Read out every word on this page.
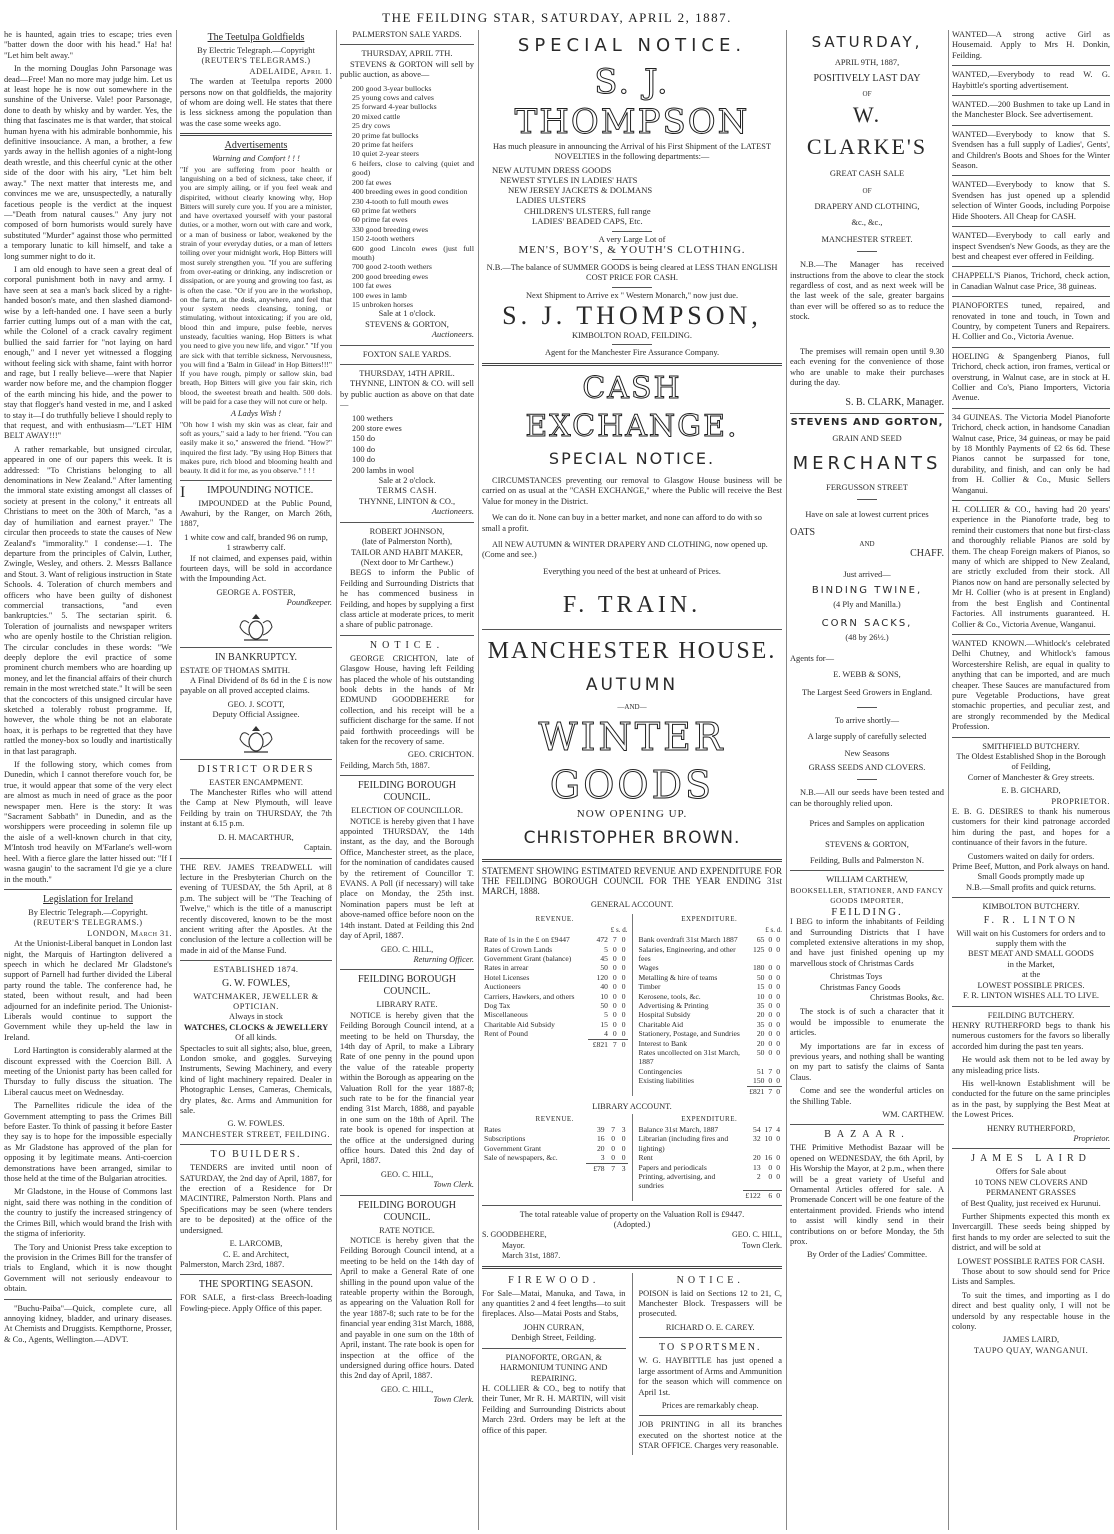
THE FEILDING STAR, SATURDAY, APRIL 2, 1887.

he is haunted, again tries to escape; tries even "batter down the door with his head." Ha! ha! "Let him belt away."

In the morning Douglas John Parsonage was dead—Free! Man no more may judge him. Let us at least hope he is now out somewhere in the sunshine of the Universe. Vale! poor Parsonage, done to death by whisky and by warder. Yes, the thing that fascinates me is that warder, that stoical human hyena with his admirable bonhommie, his definitive insouciance. A man, a brother, a few yards away in the hellish agonies of a night-long death wrestle, and this cheerful cynic at the other side of the door with his airy, "Let him belt away." The next matter that interests me, and convinces me we are, unsuspectedly, a naturally facetious people is the verdict at the inquest—"Death from natural causes." Any jury not composed of born humorists would surely have substituted "Murder" against those who permitted a temporary lunatic to kill himself, and take a long summer night to do it.

I am old enough to have seen a great deal of corporal punishment both in navy and army. I have seen at sea a man's back sliced by a right-handed boson's mate, and then slashed diamond-wise by a left-handed one. I have seen a burly farrier cutting lumps out of a man with the cat, while the Colonel of a crack cavalry regiment bullied the said farrier for "not laying on hard enough," and I never yet witnessed a flogging without feeling sick with shame, faint with horror and rage, but I really believe—were that Napier warder now before me, and the champion flogger of the earth mincing his hide, and the power to stay that flogger's hand vested in me, and I asked to stay it—I do truthfully believe I should reply to that request, and with enthusiasm—"LET HIM BELT AWAY!!!"

A rather remarkable, but unsigned circular, appeared in one of our papers this week. It is addressed: "To Christians belonging to all denominations in New Zealand." After lamenting the immoral state existing amongst all classes of society at present in the colony," it entreats all Christians to meet on the 30th of March, "as a day of humiliation and earnest prayer." The circular then proceeds to state the causes of New Zealand's "immorality." I condense:—1. The departure from the principles of Calvin, Luther, Zwingle, Wesley, and others. 2. Messrs Ballance and Stout. 3. Want of religious instruction in State Schools. 4. Toleration of church members and officers who have been guilty of dishonest commercial transactions, "and even bankruptcies." 5. The sectarian spirit. 6. Toleration of journalists and newspaper writers who are openly hostile to the Christian religion. The circular concludes in these words: "We deeply deplore the evil practice of some prominent church members who are hoarding up money, and let the financial affairs of their church remain in the most wretched state." It will be seen that the concocters of this unsigned circular have sketched a tolerably robust programme. If, however, the whole thing be not an elaborate hoax, it is perhaps to be regretted that they have rattled the money-box so loudly and inartistically in that last paragraph.

If the following story, which comes from Dunedin, which I cannot therefore vouch for, be true, it would appear that some of the very elect are almost as much in need of grace as the poor newspaper men. Here is the story: It was "Sacrament Sabbath" in Dunedin, and as the worshippers were proceeding in solemn file up the aisle of a well-known church in that city, M'Intosh trod heavily on M'Farlane's well-worn heel. With a fierce glare the latter hissed out: "If I wasna gaugin' to the sacrament I'd gie ye a clure in the mouth."

Legislation for Ireland
By Electric Telegraph.—Copyright.
(REUTER'S TELEGRAMS.)
LONDON, March 31.

At the Unionist-Liberal banquet in London last night, the Marquis of Hartington delivered a speech in which he declared Mr Gladstone's support of Parnell had further divided the Liberal party round the table. The conference had, he stated, been without result, and had been adjourned for an indefinite period. The Unionist-Liberals would continue to support the Government while they up-held the law in Ireland.

Lord Hartington is considerably alarmed at the discount expressed with the Coercion Bill. A meeting of the Unionist party has been called for Thursday to fully discuss the situation. The Liberal caucus meet on Wednesday.

The Parnellites ridicule the idea of the Government attempting to pass the Crimes Bill before Easter. To think of passing it before Easter they say is to hope for the impossible especially as Mr Gladstone has approved of the plan for opposing it by legitimate means. Anti-coercion demonstrations have been arranged, similar to those held at the time of the Bulgarian atrocities.

Mr Gladstone, in the House of Commons last night, said there was nothing in the condition of the country to justify the increased stringency of the Crimes Bill, which would brand the Irish with the stigma of inferiority.

The Tory and Unionist Press take exception to the provision in the Crimes Bill for the transfer of trials to England, which it is now thought Government will not seriously endeavour to obtain.

"Buchu-Paiba"—Quick, complete cure, all annoying kidney, bladder, and urinary diseases. At Chemists and Druggists. Kempthorne, Prosser, & Co., Agents, Wellington.—ADVT.

The Teetulpa Goldfields
By Electric Telegraph.—Copyright
(REUTER'S TELEGRAMS.)
ADELAIDE, April 1.

The warden at Teetulpa reports 2000 persons now on that goldfields, the majority of whom are doing well. He states that there is less sickness among the population than was the case some weeks ago.

Advertisements
Warning and Comfort ! ! !

"If you are suffering from poor health or languishing on a bed of sickness, take cheer, if you are simply ailing, or if you feel weak and dispirited, without clearly knowing why, Hop Bitters will surely cure you. If you are a minister, and have overtaxed yourself with your pastoral duties, or a mother, worn out with care and work, or a man of business or labor, weakened by the strain of your everyday duties, or a man of letters toiling over your midnight work, Hop Bitters will most surely strengthen you. "If you are suffering from over-eating or drinking, any indiscretion or dissipation, or are young and growing too fast, as is often the case. "Or if you are in the workshop, on the farm, at the desk, anywhere, and feel that your system needs cleansing, toning, or stimulating, without intoxicating; if you are old, blood thin and impure, pulse feeble, nerves unsteady, faculties waning, Hop Bitters is what you need to give you new life, and vigor." "If you are sick with that terrible sickness, Nervousness, you will find a 'Balm in Gilead' in Hop Bitters!!!" If you have rough, pimply or sallow skin, bad breath, Hop Bitters will give you fair skin, rich blood, the sweetest breath and health. 500 dols. will be paid for a case they will not cure or help.

A Ladys Wish !

"Oh how I wish my skin was as clear, fair and soft as yours," said a lady to her friend. "You can easily make it so," answered the friend. "How?" inquired the first lady. "By using Hop Bitters that makes pure, rich blood and blooming health and beauty. It did it for me, as you observe." ! ! !

I IMPOUNDING NOTICE.

IMPOUNDED at the Public Pound, Awahuri, by the Ranger, on March 26th, 1887,

1 white cow and calf, branded 96 on rump,
1 strawberry calf.

If not claimed, and expenses paid, within fourteen days, will be sold in accordance with the Impounding Act.

GEORGE A. FOSTER,
Poundkeeper.
IN BANKRUPTCY.
ESTATE OF THOMAS SMITH.

A Final Dividend of 8s 6d in the £ is now payable on all proved accepted claims.

GEO. J. SCOTT,
Deputy Official Assignee.
DISTRICT ORDERS
EASTER ENCAMPMENT.

The Manchester Rifles who will attend the Camp at New Plymouth, will leave Feilding by train on THURSDAY, the 7th instant at 6.15 p.m.

D. H. MACARTHUR,
Captain.

THE REV. JAMES TREADWELL will lecture in the Presbyterian Church on the evening of TUESDAY, the 5th April, at 8 p.m. The subject will be "The Teaching of Twelve," which is the title of a manuscript recently discovered, known to be the most ancient writing after the Apostles. At the conclusion of the lecture a collection will be made in aid of the Manse Fund.

ESTABLISHED 1874.
G. W. FOWLES,
WATCHMAKER, JEWELLER & OPTICIAN.
Always in stock
WATCHES, CLOCKS & JEWELLERY
Of all kinds.

Spectacles to suit all sights; also, blue, green, London smoke, and goggles. Surveying Instruments, Sewing Machinery, and every kind of light machinery repaired. Dealer in Photographic Lenses, Cameras, Chemicals, dry plates, &c. Arms and Ammunition for sale.

G. W. FOWLES.
MANCHESTER STREET, FEILDING.
TO BUILDERS.

TENDERS are invited until noon of SATURDAY, the 2nd day of April, 1887, for the erection of a Residence for Dr MACINTIRE, Palmerston North. Plans and Specifications may be seen (where tenders are to be deposited) at the office of the undersigned.

E. LARCOMB,
C. E. and Architect,
Palmerston, March 23rd, 1887.
THE SPORTING SEASON.

FOR SALE, a first-class Breech-loading Fowling-piece. Apply Office of this paper.

PALMERSTON SALE YARDS.
THURSDAY, APRIL 7TH.

STEVENS & GORTON will sell by public auction, as above—

200 good 3-year bullocks
25 young cows and calves
25 forward 4-year bullocks
20 mixed cattle
25 dry cows
20 prime fat bullocks
20 prime fat heifers
10 quiet 2-year steers
6 heifers, close to calving (quiet and good)
200 fat ewes
400 breeding ewes in good condition
230 4-tooth to full mouth ewes
60 prime fat wethers
60 prime fat ewes
330 good breeding ewes
150 2-tooth wethers
600 good Lincoln ewes (just full mouth)
700 good 2-tooth wethers
200 good breeding ewes
100 fat ewes
100 ewes in lamb
15 unbroken horses
Sale at 1 o'clock.
STEVENS & GORTON,
Auctioneers.
FOXTON SALE YARDS.
THURSDAY, 14TH APRIL.

THYNNE, LINTON & CO. will sell by public auction as above on that date—

100 wethers
200 store ewes
150 do
100 do
100 do
200 lambs in wool
Sale at 2 o'clock.
TERMS CASH.
THYNNE, LINTON & CO.,
Auctioneers.
ROBERT JOHNSON,
(late of Palmerston North),
TAILOR AND HABIT MAKER,
(Next door to Mr Carthew.)

BEGS to inform the Public of Feilding and Surrounding Districts that he has commenced business in Feilding, and hopes by supplying a first class article at moderate prices, to merit a share of public patronage.

NOTICE.

GEORGE CRICHTON, late of Glasgow House, having left Feilding has placed the whole of his outstanding book debts in the hands of Mr EDMUND GOODBEHERE for collection, and his receipt will be a sufficient discharge for the same. If not paid forthwith proceedings will be taken for the recovery of same.

GEO. CRICHTON.
Feilding, March 5th, 1887.
FEILDING BOROUGH COUNCIL.
ELECTION OF COUNCILLOR.

NOTICE is hereby given that I have appointed THURSDAY, the 14th instant, as the day, and the Borough Office, Manchester street, as the place, for the nomination of candidates caused by the retirement of Councillor T. EVANS. A Poll (if necessary) will take place on Monday, the 25th inst. Nomination papers must be left at above-named office before noon on the 14th instant. Dated at Feilding this 2nd day of April, 1887.

GEO. C. HILL,
Returning Officer.
FEILDING BOROUGH COUNCIL.
LIBRARY RATE.

NOTICE is hereby given that the Feilding Borough Council intend, at a meeting to be held on Thursday, the 14th day of April, to make a Library Rate of one penny in the pound upon the value of the rateable property within the Borough as appearing on the Valuation Roll for the year 1887-8; such rate to be for the financial year ending 31st March, 1888, and payable in one sum on the 18th of April. The rate book is opened for inspection at the office at the undersigned during office hours. Dated this 2nd day of April, 1887.

GEO. C. HILL,
Town Clerk.
FEILDING BOROUGH COUNCIL.
RATE NOTICE.

NOTICE is hereby given that the Feilding Borough Council intend, at a meeting to be held on the 14th day of April to make a General Rate of one shilling in the pound upon value of the rateable property within the Borough, as appearing on the Valuation Roll for the year 1887-8; such rate to be for the financial year ending 31st March, 1888, and payable in one sum on the 18th of April, instant. The rate book is open for inspection at the office of the undersigned during office hours. Dated this 2nd day of April, 1887.

GEO. C. HILL,
Town Clerk.
SPECIAL NOTICE.
S. J. THOMPSON
Has much pleasure in announcing the Arrival of his First Shipment of the LATEST NOVELTIES in the following departments:—
NEW AUTUMN DRESS GOODS
NEWEST STYLES IN LADIES' HATS
NEW JERSEY JACKETS & DOLMANS
LADIES ULSTERS
CHILDREN'S ULSTERS, full range
LADIES' BEADED CAPS, Etc.
A very Large Lot of
MEN'S, BOY'S, & YOUTH'S CLOTHING.
N.B.—The balance of SUMMER GOODS is being cleared at LESS THAN ENGLISH COST PRICE FOR CASH.
Next Shipment to Arrive ex " Western Monarch," now just due.
S. J. THOMPSON,
KIMBOLTON ROAD, FEILDING.
Agent for the Manchester Fire Assurance Company.
CASH EXCHANGE.
SPECIAL NOTICE.

CIRCUMSTANCES preventing our removal to Glasgow House business will be carried on as usual at the "CASH EXCHANGE," where the Public will receive the Best Value for money in the District.

We can do it. None can buy in a better market, and none can afford to do with so small a profit.

All NEW AUTUMN & WINTER DRAPERY AND CLOTHING, now opened up. (Come and see.)

Everything you need of the best at unheard of Prices.

F. TRAIN.
MANCHESTER HOUSE.
AUTUMN
—AND—
WINTER GOODS
NOW OPENING UP.
CHRISTOPHER BROWN.
STATEMENT SHOWING ESTIMATED REVENUE AND EXPENDITURE FOR THE FEILDING BOROUGH COUNCIL FOR THE YEAR ENDING 31st MARCH, 1888.
GENERAL ACCOUNT.
REVENUE.
£ s. d.
Rate of 1s in the £ on £9447	472	7	0
Rates of Crown Lands	5	0	0
Government Grant (balance)	45	0	0
Rates in arrear	50	0	0
Hotel Licenses	120	0	0
Auctioneers	40	0	0
Carriers, Hawkers, and others	10	0	0
Dog Tax	50	0	0
Miscellaneous	5	0	0
Charitable Aid Subsidy	15	0	0
Rent of Pound	4	0	0
	£821	7	0
EXPENDITURE.
£ s. d.
Bank overdraft 31st March 1887	65	0	0
Salaries, Engineering, and other fees	125	0	0
Wages	180	0	0
Metalling & hire of teams	50	0	0
Timber	15	0	0
Kerosene, tools, &c.	10	0	0
Advertising & Printing	35	0	0
Hospital Subsidy	20	0	0
Charitable Aid	35	0	0
Stationery, Postage, and Sundries	20	0	0
Interest to Bank	20	0	0
Rates uncollected on 31st March, 1887	50	0	0
Contingencies	51	7	0
Existing liabilities	150	0	0
	£821	7	0
LIBRARY ACCOUNT.
REVENUE.
Rates	39	7	3
Subscriptions	16	0	0
Government Grant	20	0	0
Sale of newspapers, &c.	3	0	0
	£78	7	3
EXPENDITURE.
Balance 31st March, 1887	54	17	4
Librarian (including fires and lighting)	32	10	0
Rent	20	16	0
Papers and periodicals	13	0	0
Printing, advertising, and sundries	2	0	0
	£122	6	0
The total rateable value of property on the Valuation Roll is £9447.
(Adopted.)
S. GOODBEHERE,
Mayor.
March 31st, 1887.
GEO. C. HILL,
Town Clerk.
FIREWOOD.

For Sale—Matai, Manuka, and Tawa, in any quantities 2 and 4 feet lengths—to suit fireplaces. Also—Matai Posts and Stabs,

JOHN CURRAN,
Denbigh Street, Feilding.
PIANOFORTE, ORGAN, & HARMONIUM TUNING AND REPAIRING.

H. COLLIER & CO., beg to notify that their Tuner, Mr R. H. MARTIN, will visit Feilding and Surrounding Districts about March 23rd. Orders may be left at the office of this paper.

NOTICE.

POISON is laid on Sections 12 to 21, C, Manchester Block. Trespassers will be prosecuted.

RICHARD O. E. CAREY.
TO SPORTSMEN.

W. G. HAYBITTLE has just opened a large assortment of Arms and Ammunition for the season which will commence on April 1st.

Prices are remarkably cheap.

JOB PRINTING in all its branches executed on the shortest notice at the STAR OFFICE. Charges very reasonable.

SATURDAY,
APRIL 9TH, 1887,
POSITIVELY LAST DAY
OF
W. CLARKE'S
GREAT CASH SALE
OF
DRAPERY AND CLOTHING,
&c., &c.,
MANCHESTER STREET.

N.B.—The Manager has received instructions from the above to clear the stock regardless of cost, and as next week will be the last week of the sale, greater bargains than ever will be offered so as to reduce the stock.

The premises will remain open until 9.30 each evening for the convenience of those who are unable to make their purchases during the day.

S. B. CLARK, Manager.
STEVENS AND GORTON,
GRAIN AND SEED
MERCHANTS
FERGUSSON STREET
Have on sale at lowest current prices
OATS
AND
CHAFF.
Just arrived—
BINDING TWINE,
(4 Ply and Manilla.)
CORN SACKS,
(48 by 26½.)
Agents for—
E. WEBB & SONS,
The Largest Seed Growers in England.
To arrive shortly—
A large supply of carefully selected
New Seasons
GRASS SEEDS AND CLOVERS.

N.B.—All our seeds have been tested and can be thoroughly relied upon.

Prices and Samples on application
STEVENS & GORTON,
Feilding, Bulls and Palmerston N.
WILLIAM CARTHEW,
BOOKSELLER, STATIONER, AND FANCY GOODS IMPORTER,
FEILDING.

I BEG to inform the inhabitants of Feilding and Surrounding Districts that I have completed extensive alterations in my shop, and have just finished opening up my marvellous stock of Christmas Cards

Christmas Toys
Christmas Fancy Goods
Christmas Books, &c.

The stock is of such a character that it would be impossible to enumerate the articles.

My importations are far in excess of previous years, and nothing shall be wanting on my part to satisfy the claims of Santa Claus.

Come and see the wonderful articles on the Shilling Table.

WM. CARTHEW.
BAZAAR.

THE Primitive Methodist Bazaar will be opened on WEDNESDAY, the 6th April, by His Worship the Mayor, at 2 p.m., when there will be a great variety of Useful and Ornamental Articles offered for sale. A Promenade Concert will be one feature of the entertainment provided. Friends who intend to assist will kindly send in their contributions on or before Monday, the 5th prox.

By Order of the Ladies' Committee.

WANTED—A strong active Girl as Housemaid. Apply to Mrs H. Donkin, Feilding.

WANTED,—Everybody to read W. G. Haybittle's sporting advertisement.

WANTED.—200 Bushmen to take up Land in the Manchester Block. See advertisement.

WANTED—Everybody to know that S. Svendsen has a full supply of Ladies', Gents', and Children's Boots and Shoes for the Winter Season.

WANTED—Everybody to know that S. Svendsen has just opened up a splendid selection of Winter Goods, including Porpoise Hide Shooters. All Cheap for CASH.

WANTED—Everybody to call early and inspect Svendsen's New Goods, as they are the best and cheapest ever offered in Feilding.

CHAPPELL'S Pianos, Trichord, check action, in Canadian Walnut case Price, 38 guineas.

PIANOFORTES tuned, repaired, and renovated in tone and touch, in Town and Country, by competent Tuners and Repairers. H. Collier and Co., Victoria Avenue.

HOELING & Spangenberg Pianos, full Trichord, check action, iron frames, vertical or overstrung, in Walnut case, are in stock at H. Collier and Co's, Piano Importers, Victoria Avenue.

34 GUINEAS. The Victoria Model Pianoforte Trichord, check action, in handsome Canadian Walnut case, Price, 34 guineas, or may be paid by 18 Monthly Payments of £2 6s 6d. These Pianos cannot be surpassed for tone, durability, and finish, and can only be had from H. Collier & Co., Music Sellers Wanganui.

H. COLLIER & CO., having had 20 years' experience in the Pianoforte trade, beg to remind their customers that none but first-class and thoroughly reliable Pianos are sold by them. The cheap Foreign makers of Pianos, so many of which are shipped to New Zealand, are strictly excluded from their stock. All Pianos now on hand are personally selected by Mr H. Collier (who is at present in England) from the best English and Continental Factories. All instruments guaranteed. H. Collier & Co., Victoria Avenue, Wanganui.

WANTED KNOWN.—Whitlock's celebrated Delhi Chutney, and Whitlock's famous Worcestershire Relish, are equal in quality to anything that can be imported, and are much cheaper. These Sauces are manufactured from pure Vegetable Productions, have great stomachic properties, and peculiar zest, and are strongly recommended by the Medical Profession.

SMITHFIELD BUTCHERY.
The Oldest Established Shop in the Borough of Feilding,
Corner of Manchester & Grey streets.
E. B. GICHARD,
PROPRIETOR.

E. B. G. DESIRES to thank his numerous customers for their kind patronage accorded him during the past, and hopes for a continuance of their favors in the future.

Customers waited on daily for orders.
Prime Beef, Mutton, and Pork always on hand.
Small Goods promptly made up
N.B.—Small profits and quick returns.
KIMBOLTON BUTCHERY.
F. R. LINTON
Will wait on his Customers for orders and to supply them with the
BEST MEAT AND SMALL GOODS
in the Market,
at the
LOWEST POSSIBLE PRICES.
F. R. LINTON WISHES ALL TO LIVE.
FEILDING BUTCHERY.

HENRY RUTHERFORD begs to thank his numerous customers for the favors so liberally accorded him during the past ten years.

He would ask them not to be led away by any misleading price lists.

His well-known Establishment will be conducted for the future on the same principles as in the past, by supplying the Best Meat at the Lowest Prices.

HENRY RUTHERFORD,
Proprietor.
JAMES LAIRD
Offers for Sale about
10 TONS NEW CLOVERS AND PERMANENT GRASSES
of Best Quality, just received ex Hurunui.

Further Shipments expected this month ex Invercargill. These seeds being shipped by first hands to my order are selected to suit the district, and will be sold at

LOWEST POSSIBLE RATES FOR CASH.

Those about to sow should send for Price Lists and Samples.

To suit the times, and importing as I do direct and best quality only, I will not be undersold by any respectable house in the colony.

JAMES LAIRD,
TAUPO QUAY, WANGANUI.
